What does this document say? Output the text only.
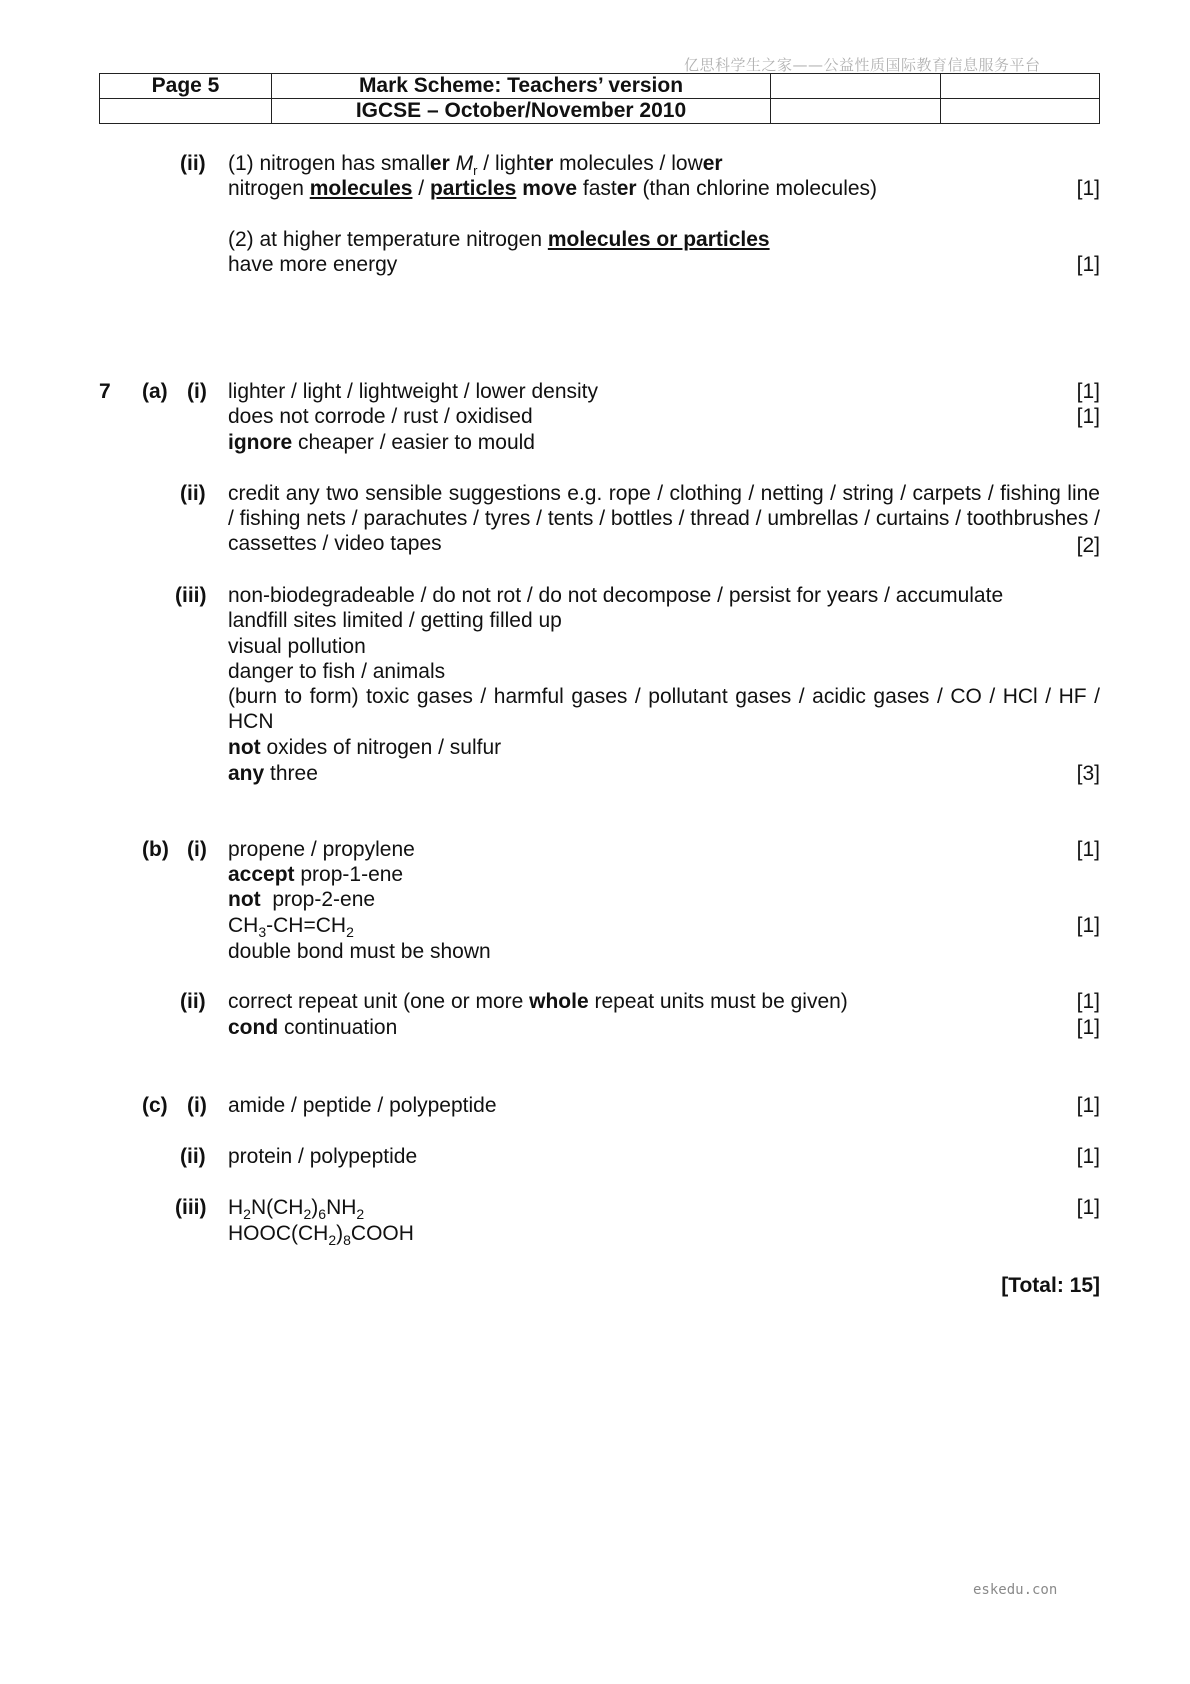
亿思科学生之家——公益性质国际教育信息服务平台
Page 5	Mark Scheme: Teachers’ version		
	IGCSE – October/November 2010		
(ii) (1) nitrogen has smaller $M_r$ / lighter molecules / lower
nitrogen molecules / particles move faster (than chlorine molecules)	[1]
(2) at higher temperature nitrogen molecules or particles
have more energy	[1]
7 (a) (i) lighter / light / lightweight / lower density	[1]
does not corrode / rust / oxidised	[1]
ignore cheaper / easier to mould
(ii) credit any two sensible suggestions e.g. rope / clothing / netting / string / carpets / fishing line / fishing nets / parachutes / tyres / tents / bottles / thread / umbrellas / curtains / toothbrushes / cassettes / video tapes	[2]
(iii) non-biodegradeable / do not rot / do not decompose / persist for years / accumulate
landfill sites limited / getting filled up
visual pollution
danger to fish / animals
(burn to form) toxic gases / harmful gases / pollutant gases / acidic gases / CO / HCl / HF / HCN
not oxides of nitrogen / sulfur
any three	[3]
(b) (i) propene / propylene	[1]
accept prop-1-ene
not  prop-2-ene
$CH_3-CH=CH_2$	[1]
double bond must be shown
(ii) correct repeat unit (one or more whole repeat units must be given)	[1]
cond continuation	[1]
(c) (i) amide / peptide / polypeptide	[1]
(ii) protein / polypeptide	[1]
(iii) $H_2N(CH_2)_6NH_2$	[1]
$HOOC(CH_2)_8COOH$
[Total: 15]
eskedu.con
